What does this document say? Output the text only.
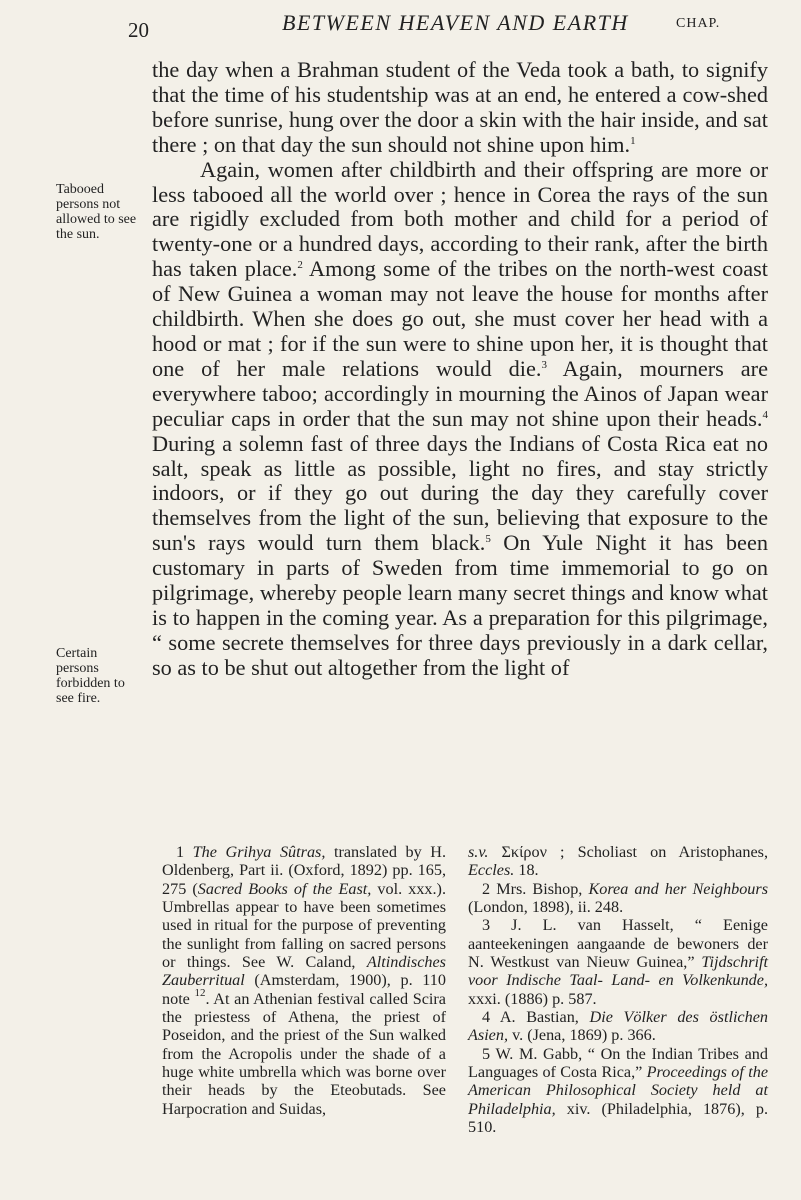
20	BETWEEN HEAVEN AND EARTH	CHAP.
Tabooed persons not allowed to see the sun.
Certain persons forbidden to see fire.

the day when a Brahman student of the Veda took a bath, to signify that the time of his studentship was at an end, he entered a cow-shed before sunrise, hung over the door a skin with the hair inside, and sat there ; on that day the sun should not shine upon him.$^1$
Again, women after childbirth and their offspring are more or less tabooed all the world over ; hence in Corea the rays of the sun are rigidly excluded from both mother and child for a period of twenty-one or a hundred days, according to their rank, after the birth has taken place.$^2$ Among some of the tribes on the north-west coast of New Guinea a woman may not leave the house for months after childbirth. When she does go out, she must cover her head with a hood or mat ; for if the sun were to shine upon her, it is thought that one of her male relations would die.$^3$ Again, mourners are everywhere taboo; accordingly in mourning the Ainos of Japan wear peculiar caps in order that the sun may not shine upon their heads.$^4$ During a solemn fast of three days the Indians of Costa Rica eat no salt, speak as little as possible, light no fires, and stay strictly indoors, or if they go out during the day they carefully cover themselves from the light of the sun, believing that exposure to the sun's rays would turn them black.$^5$ On Yule Night it has been customary in parts of Sweden from time immemorial to go on pilgrimage, whereby people learn many secret things and know what is to happen in the coming year. As a preparation for this pilgrimage, “ some secrete themselves for three days previously in a dark cellar, so as to be shut out altogether from the light of

1 The Grihya Sûtras, translated by H. Oldenberg, Part ii. (Oxford, 1892) pp. 165, 275 (Sacred Books of the East, vol. xxx.). Umbrellas appear to have been sometimes used in ritual for the purpose of preventing the sunlight from falling on sacred persons or things. See W. Caland, Altindisches Zauberritual (Amsterdam, 1900), p. 110 note $^{12}$. At an Athenian festival called Scira the priestess of Athena, the priest of Poseidon, and the priest of the Sun walked from the Acropolis under the shade of a huge white umbrella which was borne over their heads by the Eteobutads. See Harpocration and Suidas,

s.v. Σκίρον ; Scholiast on Aristophanes, Eccles. 18.
2 Mrs. Bishop, Korea and her Neighbours (London, 1898), ii. 248.
3 J. L. van Hasselt, “ Eenige aanteekeningen aangaande de bewoners der N. Westkust van Nieuw Guinea,” Tijdschrift voor Indische Taal- Land- en Volkenkunde, xxxi. (1886) p. 587.
4 A. Bastian, Die Völker des östlichen Asien, v. (Jena, 1869) p. 366.
5 W. M. Gabb, “ On the Indian Tribes and Languages of Costa Rica,” Proceedings of the American Philosophical Society held at Philadelphia, xiv. (Philadelphia, 1876), p. 510.
